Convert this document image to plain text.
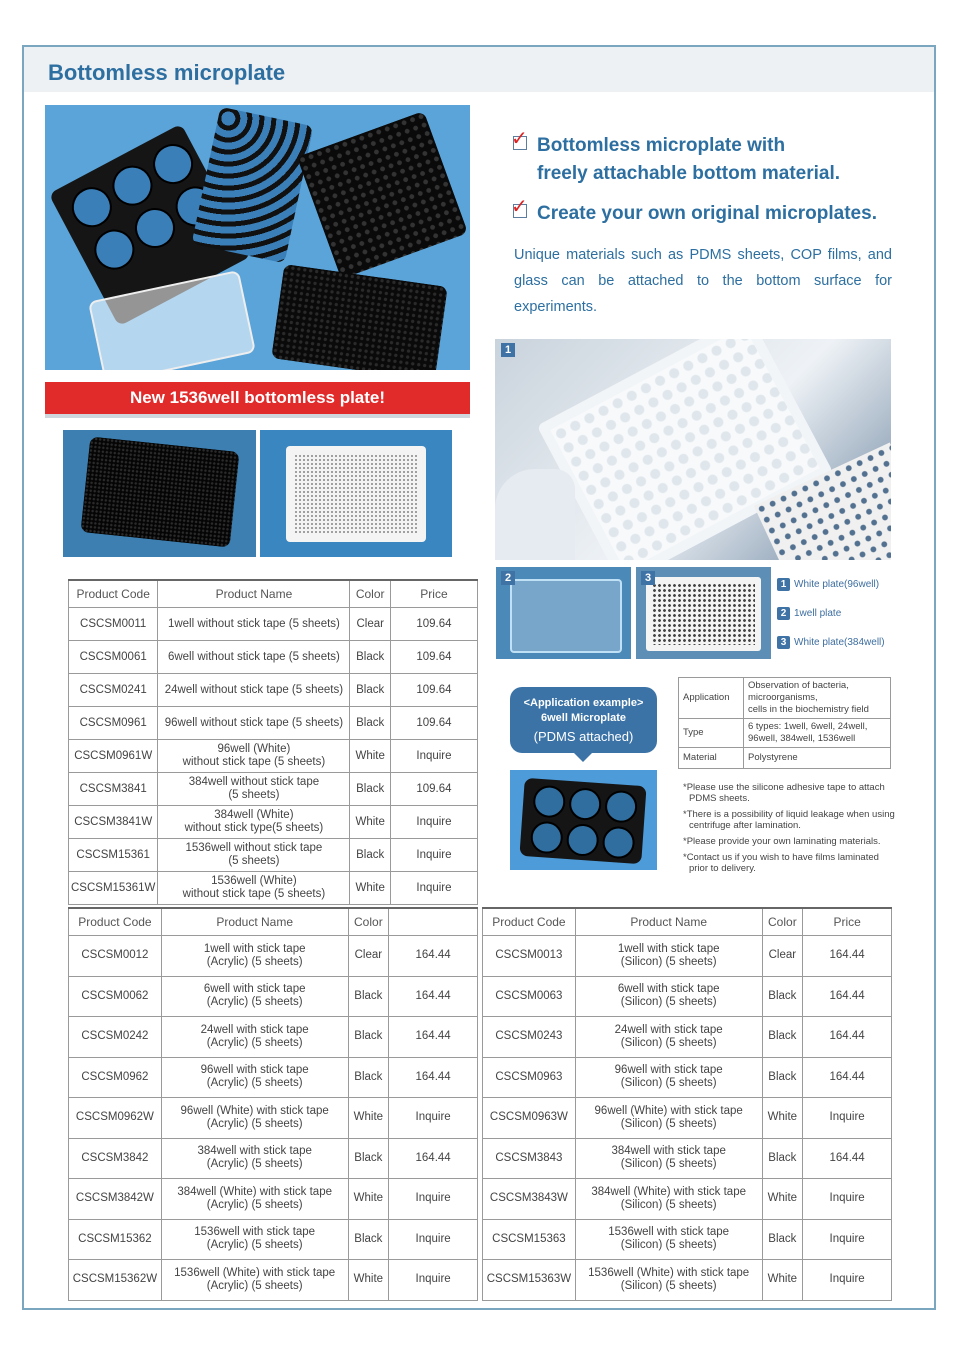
Bottomless microplate
New 1536well bottomless plate!
✓ Bottomless microplate with
freely attachable bottom material.
✓ Create your own original microplates.
Unique materials such as PDMS sheets, COP films, and glass can be attached to the bottom surface for experiments.
1
2	3
1 White plate(96well)
2 1well plate
3 White plate(384well)
<Application example>
6well Microplate
(PDMS attached)
Application	Observation of bacteria,
microorganisms,
cells in the biochemistry field

Type	6 types: 1well, 6well, 24well,
96well, 384well, 1536well

Material	Polystyrene
*Please use the silicone adhesive tape to attach PDMS sheets.
*There is a possibility of liquid leakage when using centrifuge after lamination.
*Please provide your own laminating materials.
*Contact us if you wish to have films laminated prior to delivery.
Product Code	Product Name	Color	Price
CSCSM0011	1well without stick tape (5 sheets)	Clear	109.64
CSCSM0061	6well without stick tape (5 sheets)	Black	109.64
CSCSM0241	24well without stick tape (5 sheets)	Black	109.64
CSCSM0961	96well without stick tape (5 sheets)	Black	109.64
CSCSM0961W	96well (White)
without stick tape (5 sheets)	White	Inquire
CSCSM3841	384well without stick tape
(5 sheets)	Black	109.64
CSCSM3841W	384well (White)
without stick type(5 sheets)	White	Inquire
CSCSM15361	1536well without stick tape
(5 sheets)	Black	Inquire
CSCSM15361W	1536well (White)
without stick tape (5 sheets)	White	Inquire
Product Code	Product Name	Color	
CSCSM0012	1well with stick tape
(Acrylic) (5 sheets)	Clear	164.44
CSCSM0062	6well with stick tape
(Acrylic) (5 sheets)	Black	164.44
CSCSM0242	24well with stick tape
(Acrylic) (5 sheets)	Black	164.44
CSCSM0962	96well with stick tape
(Acrylic) (5 sheets)	Black	164.44
CSCSM0962W	96well (White) with stick tape
(Acrylic) (5 sheets)	White	Inquire
CSCSM3842	384well with stick tape
(Acrylic) (5 sheets)	Black	164.44
CSCSM3842W	384well (White) with stick tape
(Acrylic) (5 sheets)	White	Inquire
CSCSM15362	1536well with stick tape
(Acrylic) (5 sheets)	Black	Inquire
CSCSM15362W	1536well (White) with stick tape
(Acrylic) (5 sheets)	White	Inquire
Product Code	Product Name	Color	Price
CSCSM0013	1well with stick tape
(Silicon) (5 sheets)	Clear	164.44
CSCSM0063	6well with stick tape
(Silicon) (5 sheets)	Black	164.44
CSCSM0243	24well with stick tape
(Silicon) (5 sheets)	Black	164.44
CSCSM0963	96well with stick tape
(Silicon) (5 sheets)	Black	164.44
CSCSM0963W	96well (White) with stick tape
(Silicon) (5 sheets)	White	Inquire
CSCSM3843	384well with stick tape
(Silicon) (5 sheets)	Black	164.44
CSCSM3843W	384well (White) with stick tape
(Silicon) (5 sheets)	White	Inquire
CSCSM15363	1536well with stick tape
(Silicon) (5 sheets)	Black	Inquire
CSCSM15363W	1536well (White) with stick tape
(Silicon) (5 sheets)	White	Inquire
